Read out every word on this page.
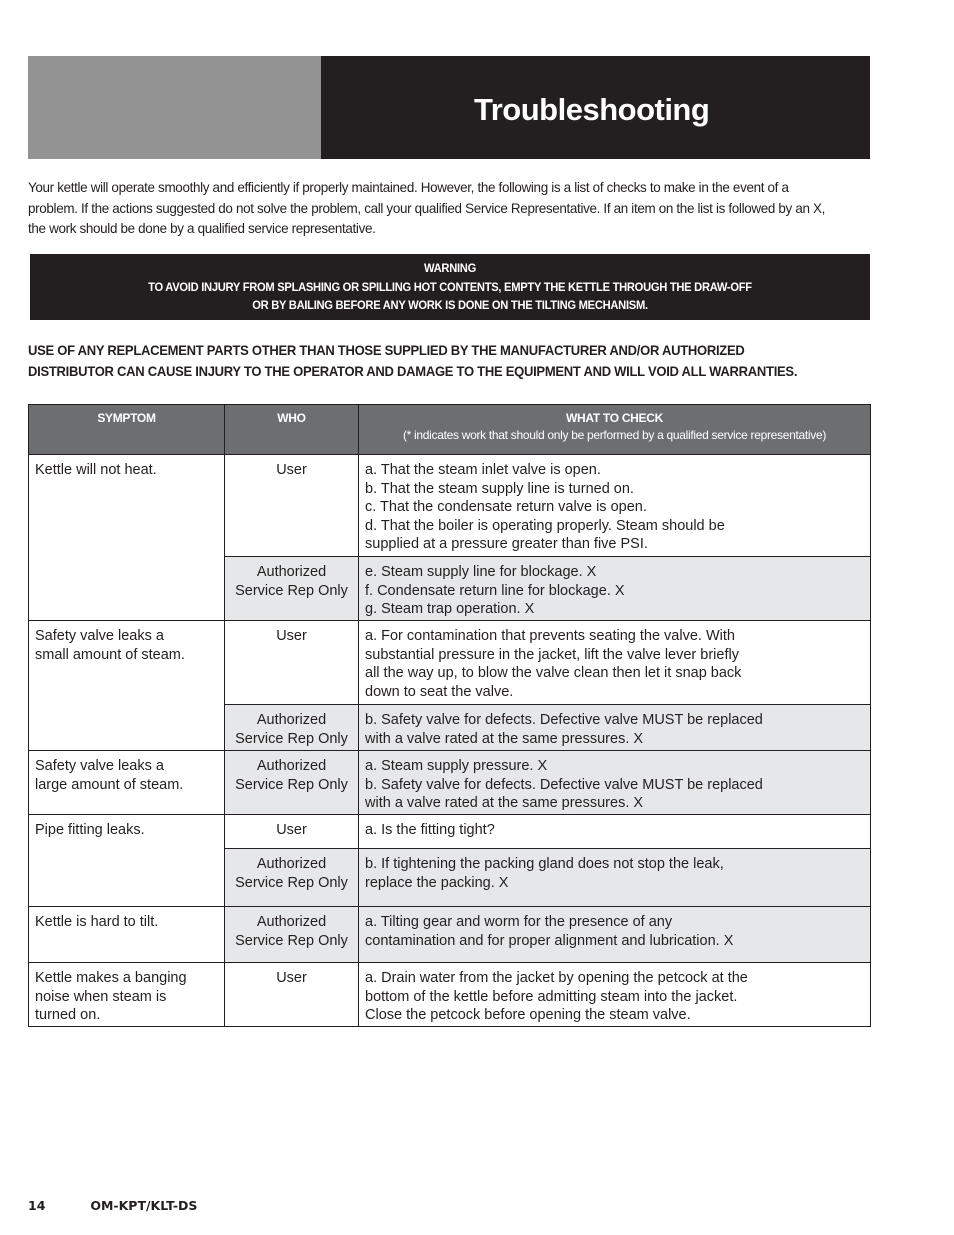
Troubleshooting
Your kettle will operate smoothly and efficiently if properly maintained. However, the following is a list of checks to make in the event of a problem. If the actions suggested do not solve the problem, call your qualified Service Representative. If an item on the list is followed by an X, the work should be done by a qualified service representative.
WARNING
TO AVOID INJURY FROM SPLASHING OR SPILLING HOT CONTENTS, EMPTY THE KETTLE THROUGH THE DRAW-OFF
OR BY BAILING BEFORE ANY WORK IS DONE ON THE TILTING MECHANISM.
USE OF ANY REPLACEMENT PARTS OTHER THAN THOSE SUPPLIED BY THE MANUFACTURER AND/OR AUTHORIZED
DISTRIBUTOR CAN CAUSE INJURY TO THE OPERATOR AND DAMAGE TO THE EQUIPMENT AND WILL VOID ALL WARRANTIES.
SYMPTOM	WHO	WHAT TO CHECK
(* indicates work that should only be performed by a qualified service representative)

Kettle will not heat.	User	a. That the steam inlet valve is open.
b. That the steam supply line is turned on.
c. That the condensate return valve is open.
d. That the boiler is operating properly. Steam should be
supplied at a pressure greater than five PSI.

	Authorized
Service Rep Only	e. Steam supply line for blockage. X
f. Condensate return line for blockage. X
g. Steam trap operation. X

Safety valve leaks a
small amount of steam.	User	a. For contamination that prevents seating the valve. With
substantial pressure in the jacket, lift the valve lever briefly
all the way up, to blow the valve clean then let it snap back
down to seat the valve.

	Authorized
Service Rep Only	b. Safety valve for defects. Defective valve MUST be replaced
with a valve rated at the same pressures. X

Safety valve leaks a
large amount of steam.	Authorized
Service Rep Only	a. Steam supply pressure. X
b. Safety valve for defects. Defective valve MUST be replaced
with a valve rated at the same pressures. X

Pipe fitting leaks.	User	a. Is the fitting tight?

	Authorized
Service Rep Only	b. If tightening the packing gland does not stop the leak,
replace the packing. X

Kettle is hard to tilt.	Authorized
Service Rep Only	a. Tilting gear and worm for the presence of any
contamination and for proper alignment and lubrication. X

Kettle makes a banging
noise when steam is
turned on.	User	a. Drain water from the jacket by opening the petcock at the
bottom of the kettle before admitting steam into the jacket.
Close the petcock before opening the steam valve.
14	OM-KPT/KLT-DS
